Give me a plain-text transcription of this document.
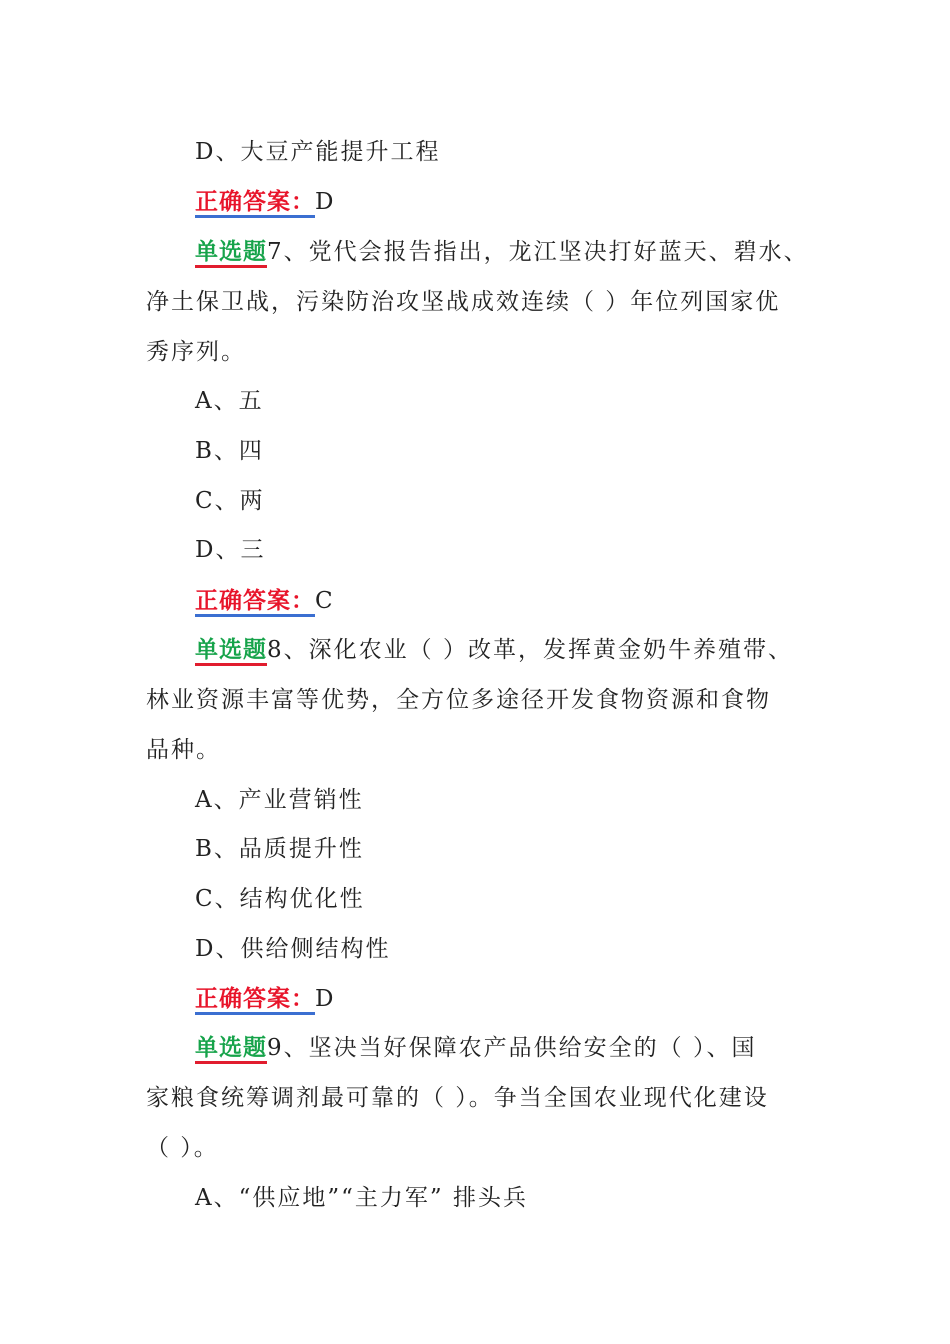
D、大豆产能提升工程
正确答案：D
单选题7、党代会报告指出，龙江坚决打好蓝天、碧水、
净土保卫战，污染防治攻坚战成效连续（ ）年位列国家优
秀序列。
A、五
B、四
C、两
D、三
正确答案：C
单选题8、深化农业（ ）改革，发挥黄金奶牛养殖带、
林业资源丰富等优势，全方位多途径开发食物资源和食物
品种。
A、产业营销性
B、品质提升性
C、结构优化性
D、供给侧结构性
正确答案：D
单选题9、坚决当好保障农产品供给安全的（ ）、国
家粮食统筹调剂最可靠的（ ）。争当全国农业现代化建设
（ ）。
A、“供应地”“主力军” 排头兵
